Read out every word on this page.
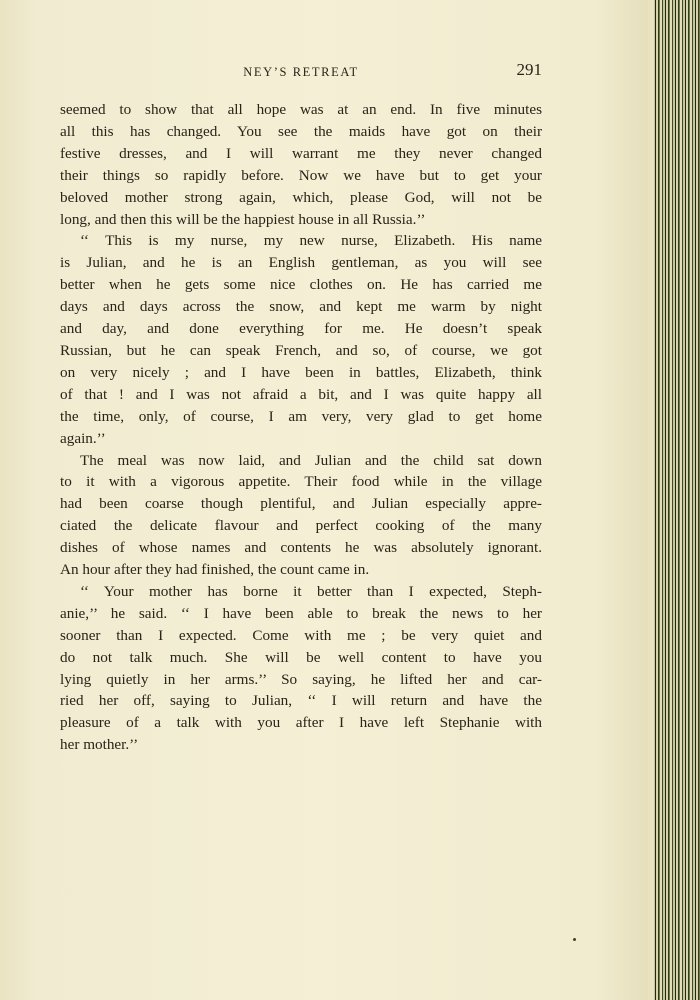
NEY’S RETREAT	291
seemed to show that all hope was at an end. In five minutes
all this has changed. You see the maids have got on their
festive dresses, and I will warrant me they never changed
their things so rapidly before. Now we have but to get your
beloved mother strong again, which, please God, will not be
long, and then this will be the happiest house in all Russia.’’
‘‘ This is my nurse, my new nurse, Elizabeth. His name
is Julian, and he is an English gentleman, as you will see
better when he gets some nice clothes on. He has carried me
days and days across the snow, and kept me warm by night
and day, and done everything for me. He doesn’t speak
Russian, but he can speak French, and so, of course, we got
on very nicely ; and I have been in battles, Elizabeth, think
of that ! and I was not afraid a bit, and I was quite happy all
the time, only, of course, I am very, very glad to get home
again.’’
The meal was now laid, and Julian and the child sat down
to it with a vigorous appetite. Their food while in the village
had been coarse though plentiful, and Julian especially appre-
ciated the delicate flavour and perfect cooking of the many
dishes of whose names and contents he was absolutely ignorant.
An hour after they had finished, the count came in.
‘‘ Your mother has borne it better than I expected, Steph-
anie,’’ he said. ‘‘ I have been able to break the news to her
sooner than I expected. Come with me ; be very quiet and
do not talk much. She will be well content to have you
lying quietly in her arms.’’ So saying, he lifted her and car-
ried her off, saying to Julian, ‘‘ I will return and have the
pleasure of a talk with you after I have left Stephanie with
her mother.’’
